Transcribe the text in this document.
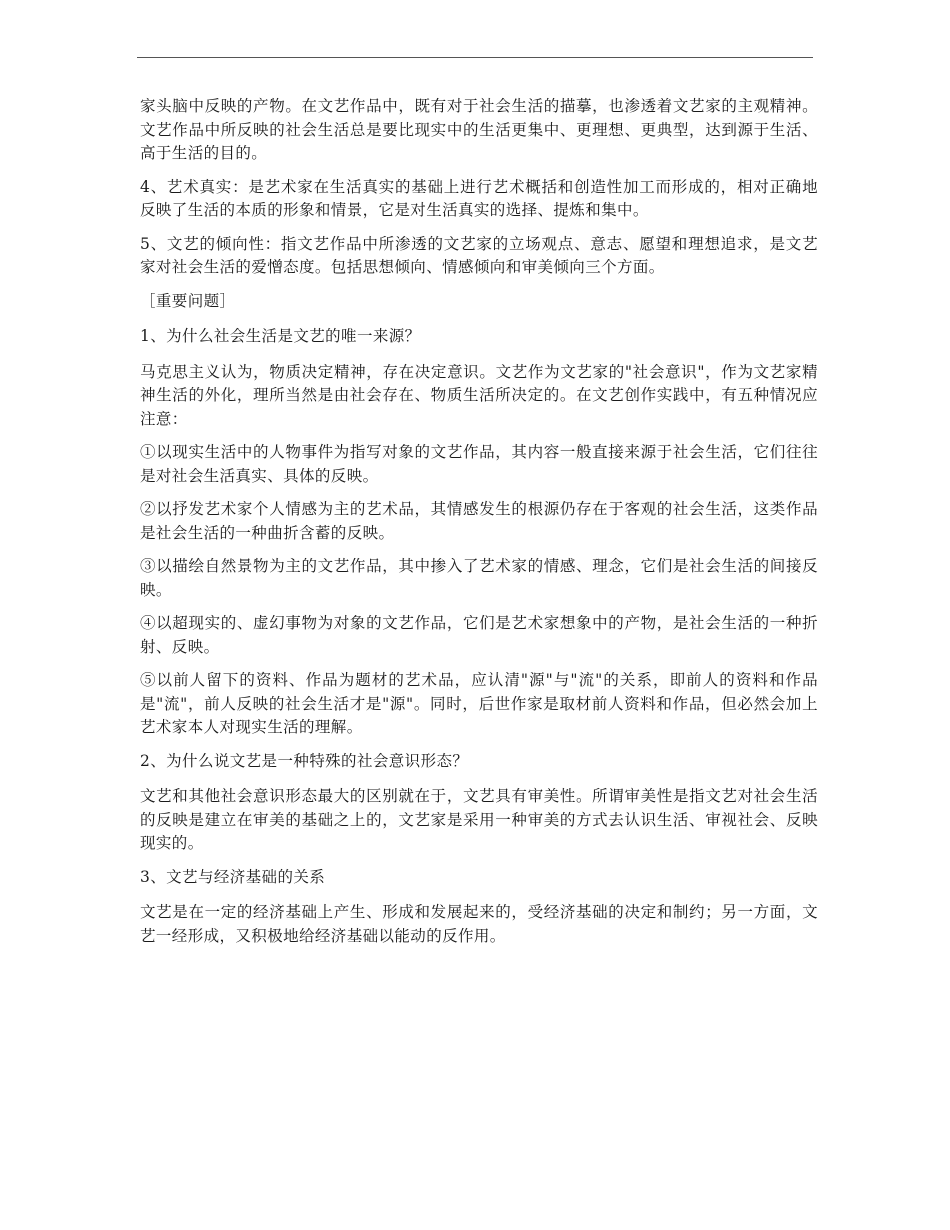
家头脑中反映的产物。在文艺作品中，既有对于社会生活的描摹，也渗透着文艺家的主观精神。文艺作品中所反映的社会生活总是要比现实中的生活更集中、更理想、更典型，达到源于生活、高于生活的目的。

4、艺术真实：是艺术家在生活真实的基础上进行艺术概括和创造性加工而形成的，相对正确地反映了生活的本质的形象和情景，它是对生活真实的选择、提炼和集中。

5、文艺的倾向性：指文艺作品中所渗透的文艺家的立场观点、意志、愿望和理想追求，是文艺家对社会生活的爱憎态度。包括思想倾向、情感倾向和审美倾向三个方面。

［重要问题］

1、为什么社会生活是文艺的唯一来源？

马克思主义认为，物质决定精神，存在决定意识。文艺作为文艺家的"社会意识"，作为文艺家精神生活的外化，理所当然是由社会存在、物质生活所决定的。在文艺创作实践中，有五种情况应注意：

①以现实生活中的人物事件为指写对象的文艺作品，其内容一般直接来源于社会生活，它们往往是对社会生活真实、具体的反映。

②以抒发艺术家个人情感为主的艺术品，其情感发生的根源仍存在于客观的社会生活，这类作品是社会生活的一种曲折含蓄的反映。

③以描绘自然景物为主的文艺作品，其中掺入了艺术家的情感、理念，它们是社会生活的间接反映。

④以超现实的、虚幻事物为对象的文艺作品，它们是艺术家想象中的产物，是社会生活的一种折射、反映。

⑤以前人留下的资料、作品为题材的艺术品，应认清"源"与"流"的关系，即前人的资料和作品是"流"，前人反映的社会生活才是"源"。同时，后世作家是取材前人资料和作品，但必然会加上艺术家本人对现实生活的理解。

2、为什么说文艺是一种特殊的社会意识形态？

文艺和其他社会意识形态最大的区别就在于，文艺具有审美性。所谓审美性是指文艺对社会生活的反映是建立在审美的基础之上的，文艺家是采用一种审美的方式去认识生活、审视社会、反映现实的。

3、文艺与经济基础的关系

文艺是在一定的经济基础上产生、形成和发展起来的，受经济基础的决定和制约；另一方面，文艺一经形成，又积极地给经济基础以能动的反作用。
